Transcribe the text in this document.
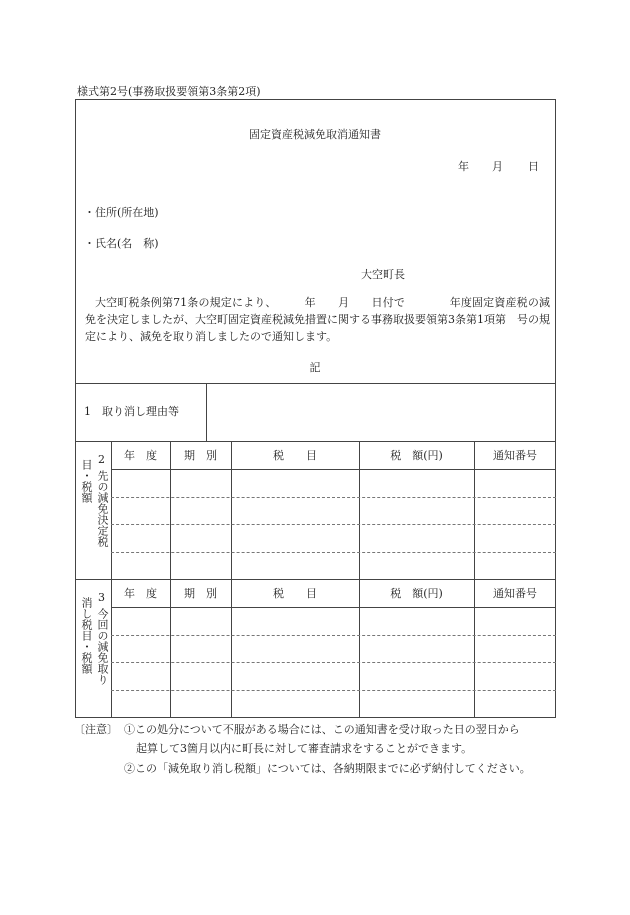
様式第2号(事務取扱要領第3条第2項)
固定資産税減免取消通知書
年 月 日
・住所(所在地)
・氏名(名　称)
大空町長
大空町税条例第71条の規定により、　　　年　　月　　日付で　　　　年度固定資産税の減免を決定しましたが、大空町固定資産税減免措置に関する事務取扱要領第3条第1項第　号の規定により、減免を取り消しましたので通知します。
記
1　取り消し理由等
2
先の減免決定税
目・税額
年　度	期　別	税　　目	税　額(円)	通知番号
3
今回の減免取り
消し税目・税額
年　度	期　別	税　　目	税　額(円)	通知番号
〔注意〕 ①この処分について不服がある場合には、この通知書を受け取った日の翌日から
起算して3箇月以内に町長に対して審査請求をすることができます。
②この「減免取り消し税額」については、各納期限までに必ず納付してください。
